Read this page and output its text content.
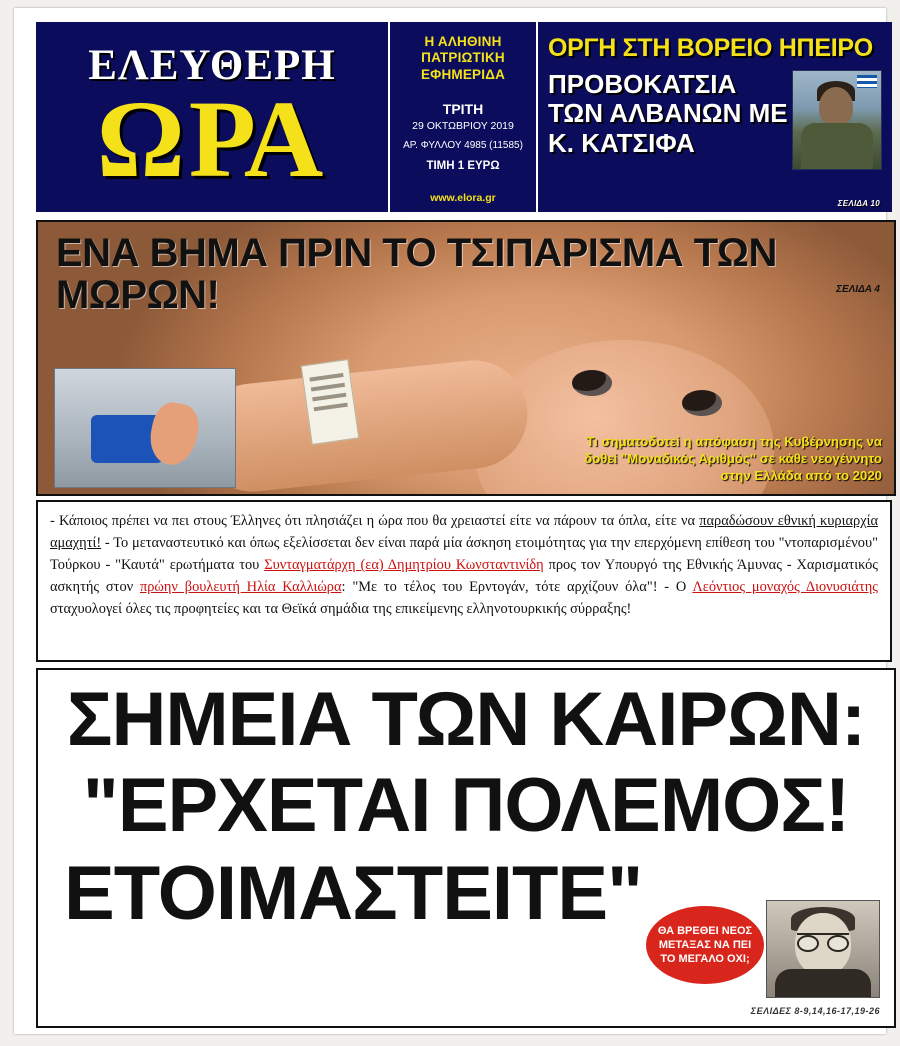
ΕΛΕΥΘΕΡΗ
ΩΡΑ
Η ΑΛΗΘΙΝΗ ΠΑΤΡΙΩΤΙΚΗ ΕΦΗΜΕΡΙΔΑ
ΤΡΙΤΗ
29 ΟΚΤΩΒΡΙΟΥ 2019
ΑΡ. ΦΥΛΛΟΥ 4985 (11585)
ΤΙΜΗ 1 ΕΥΡΩ
www.elora.gr
ΟΡΓΗ ΣΤΗ ΒΟΡΕΙΟ ΗΠΕΙΡΟ
ΠΡΟΒΟΚΑΤΣΙΑ ΤΩΝ ΑΛΒΑΝΩΝ ΜΕ Κ. ΚΑΤΣΙΦΑ
ΣΕΛΙΔΑ 10
ΕΝΑ ΒΗΜΑ ΠΡΙΝ ΤΟ ΤΣΙΠΑΡΙΣΜΑ ΤΩΝ ΜΩΡΩΝ!	ΣΕΛΙΔΑ 4
Τι σηματοδοτεί η απόφαση της Κυβέρνησης να δοθεί "Μοναδικός Αριθμός" σε κάθε νεογέννητο στην Ελλάδα από το 2020
- Κάποιος πρέπει να πει στους Έλληνες ότι πλησιάζει η ώρα που θα χρειαστεί είτε να πάρουν τα όπλα, είτε να παραδώσουν εθνική κυριαρχία αμαχητί! - Το μεταναστευτικό και όπως εξελίσσεται δεν είναι παρά μία άσκηση ετοιμότητας για την επερχόμενη επίθεση του "ντοπαρισμένου" Τούρκου - "Καυτά" ερωτήματα του Συνταγματάρχη (εα) Δημητρίου Κωνσταντινίδη προς τον Υπουργό της Εθνικής Άμυνας - Χαρισματικός ασκητής στον πρώην βουλευτή Ηλία Καλλιώρα: "Με το τέλος του Ερντογάν, τότε αρχίζουν όλα"! - Ο Λεόντιος μοναχός Διονυσιάτης σταχυολογεί όλες τις προφητείες και τα Θεϊκά σημάδια της επικείμενης ελληνοτουρκικής σύρραξης!
ΣΗΜΕΙΑ ΤΩΝ ΚΑΙΡΩΝ:
"ΕΡΧΕΤΑΙ ΠΟΛΕΜΟΣ!
ΕΤΟΙΜΑΣΤΕΙΤΕ"	ΘΑ ΒΡΕΘΕΙ ΝΕΟΣ ΜΕΤΑΞΑΣ ΝΑ ΠΕΙ ΤΟ ΜΕΓΑΛΟ ΟΧΙ;
ΣΕΛΙΔΕΣ 8-9,14,16-17,19-26
